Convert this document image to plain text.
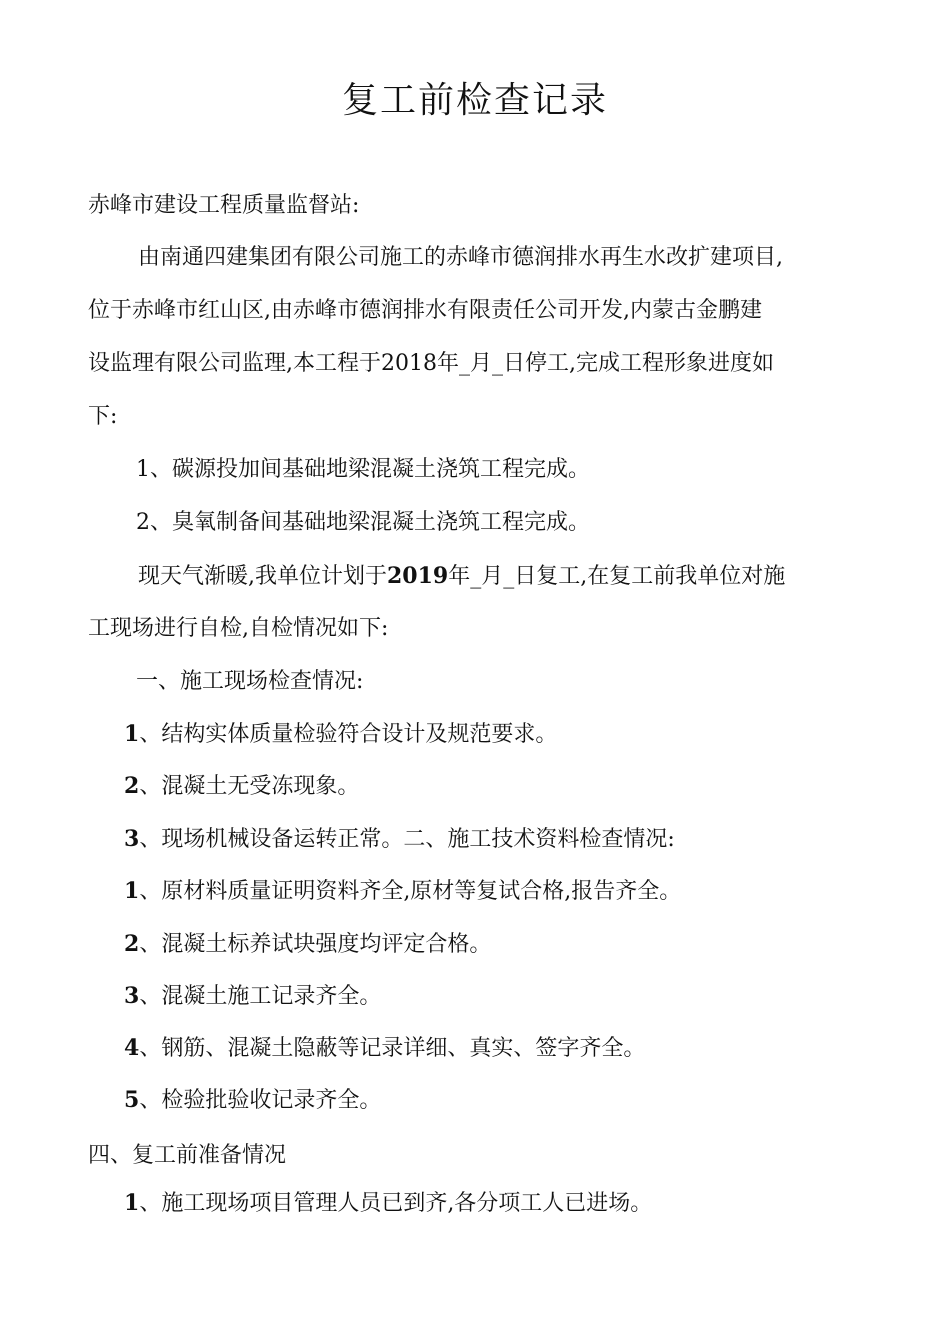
复工前检查记录

赤峰市建设工程质量监督站:

由南通四建集团有限公司施工的赤峰市德润排水再生水改扩建项目,

位于赤峰市红山区,由赤峰市德润排水有限责任公司开发,内蒙古金鹏建

设监理有限公司监理,本工程于2018年_月_日停工,完成工程形象进度如

下:

1、碳源投加间基础地梁混凝土浇筑工程完成。

2、臭氧制备间基础地梁混凝土浇筑工程完成。

现天气渐暖,我单位计划于2019年_月_日复工,在复工前我单位对施

工现场进行自检,自检情况如下:

一、施工现场检查情况:

1、结构实体质量检验符合设计及规范要求。

2、混凝土无受冻现象。

3、现场机械设备运转正常。二、施工技术资料检查情况:

1、原材料质量证明资料齐全,原材等复试合格,报告齐全。

2、混凝土标养试块强度均评定合格。

3、混凝土施工记录齐全。

4、钢筋、混凝土隐蔽等记录详细、真实、签字齐全。

5、检验批验收记录齐全。

四、复工前准备情况

1、施工现场项目管理人员已到齐,各分项工人已进场。
